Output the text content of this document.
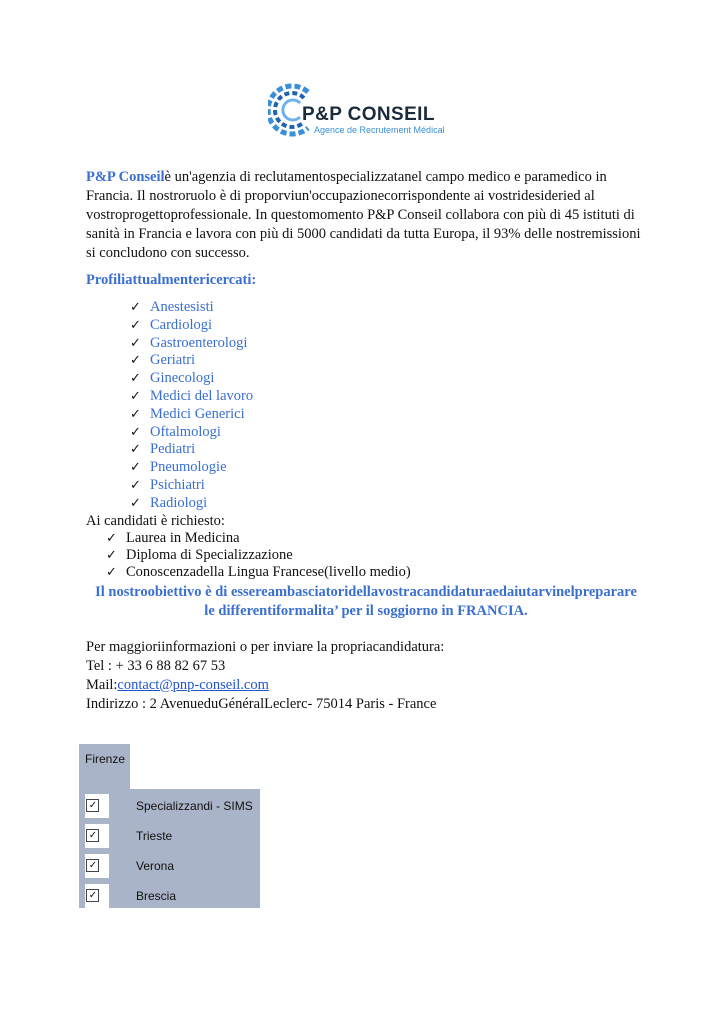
P&P CONSEIL
Agence de Recrutement Médical

P&P Conseilè un'agenzia di reclutamentospecializzatanel campo medico e paramedico in Francia. Il nostroruolo è di proporviun'occupazionecorrispondente ai vostridesideried al vostroprogettoprofessionale. In questomomento P&P Conseil collabora con più di 45 istituti di sanità in Francia e lavora con più di 5000 candidati da tutta Europa, il 93% delle nostremissioni si concludono con successo.

Profiliattualmentericercati:
✓ Anestesisti
✓ Cardiologi
✓ Gastroenterologi
✓ Geriatri
✓ Ginecologi
✓ Medici del lavoro
✓ Medici Generici
✓ Oftalmologi
✓ Pediatri
✓ Pneumologie
✓ Psichiatri
✓ Radiologi
Ai candidati è richiesto:
✓ Laurea in Medicina
✓ Diploma di Specializzazione
✓ Conoscenzadella Lingua Francese(livello medio)
Il nostroobiettivo è di essereambasciatoridellavostracandidaturaedaiutarvinelpreparare
le differentiformalita’ per il soggiorno in FRANCIA.
Per maggioriinformazioni o per inviare la propriacandidatura:
Tel : + 33 6 88 82 67 53
Mail:contact@pnp-conseil.com
Indirizzo : 2 AvenueduGénéralLeclerc- 75014 Paris - France
Firenze
✓	Specializzandi - SIMS
✓	Trieste
✓	Verona
✓	Brescia
